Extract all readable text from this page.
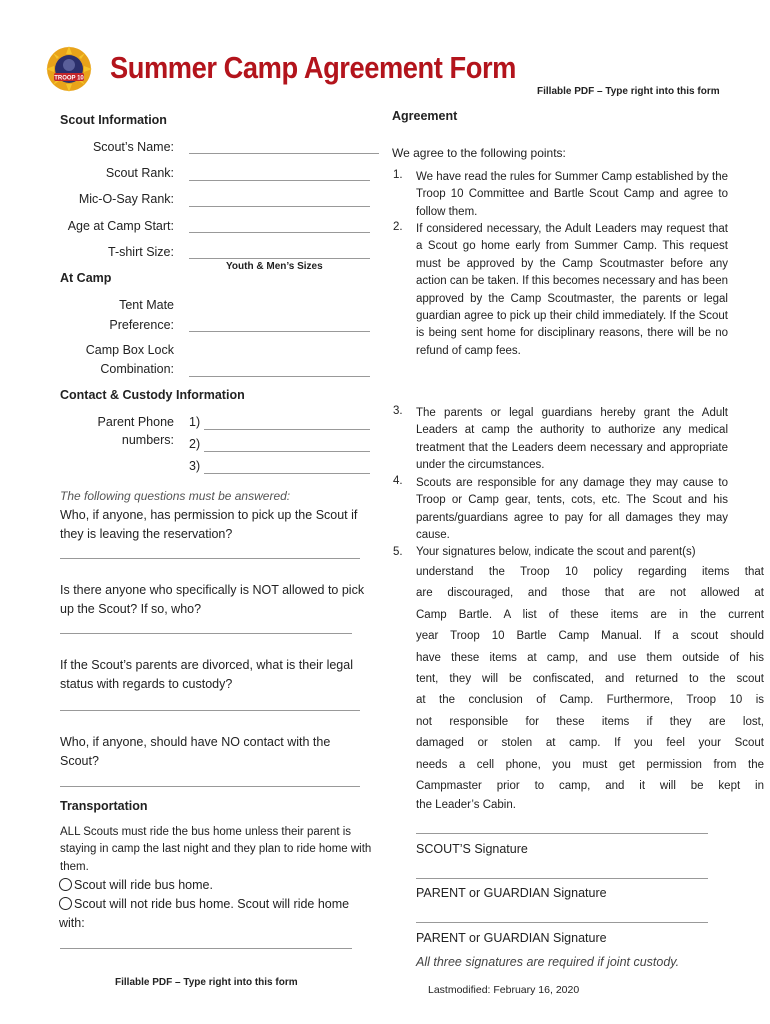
TROOP 10 Summer Camp Agreement Form
Fillable PDF – Type right into this form
Scout Information
Scout’s Name:
Scout Rank:
Mic-O-Say Rank:
Age at Camp Start:
T-shirt Size:
Youth & Men’s Sizes
At Camp
Tent Mate
Preference:
Camp Box Lock
Combination:
Contact & Custody Information
Parent Phone
numbers:
1)
2)
3)
The following questions must be answered:
Who, if anyone, has permission to pick up the Scout if they is leaving the reservation?
Is there anyone who specifically is NOT allowed to pick up the Scout? If so, who?
If the Scout’s parents are divorced, what is their legal status with regards to custody?
Who, if anyone, should have NO contact with the Scout?
Transportation
ALL Scouts must ride the bus home unless their parent is staying in camp the last night and they plan to ride home with them.
Scout will ride bus home.
Scout will not ride bus home. Scout will ride home with:
Fillable PDF – Type right into this form
Agreement
We agree to the following points:
1. We have read the rules for Summer Camp established by the Troop 10 Committee and Bartle Scout Camp and agree to follow them.
2. If considered necessary, the Adult Leaders may request that a Scout go home early from Summer Camp. This request must be approved by the Camp Scoutmaster before any action can be taken. If this becomes necessary and has been approved by the Camp Scoutmaster, the parents or legal guardian agree to pick up their child immediately. If the Scout is being sent home for disciplinary reasons, there will be no refund of camp fees.
3. The parents or legal guardians hereby grant the Adult Leaders at camp the authority to authorize any medical treatment that the Leaders deem necessary and appropriate under the circumstances.
4. Scouts are responsible for any damage they may cause to Troop or Camp gear, tents, cots, etc. The Scout and his parents/guardians agree to pay for all damages they may cause.
5. Your signatures below, indicate the scout and parent(s)
understand the Troop 10 policy regarding items that
are discouraged, and those that are not allowed at
Camp Bartle. A list of these items are in the current
year Troop 10 Bartle Camp Manual. If a scout should
have these items at camp, and use them outside of his
tent, they will be confiscated, and returned to the scout
at the conclusion of Camp. Furthermore, Troop 10 is
not responsible for these items if they are lost,
damaged or stolen at camp. If you feel your Scout
needs a cell phone, you must get permission from the
Campmaster prior to camp, and it will be kept in
the Leader’s Cabin.
SCOUT’S Signature
PARENT or GUARDIAN Signature
PARENT or GUARDIAN Signature
All three signatures are required if joint custody.
Lastmodified: February 16, 2020
